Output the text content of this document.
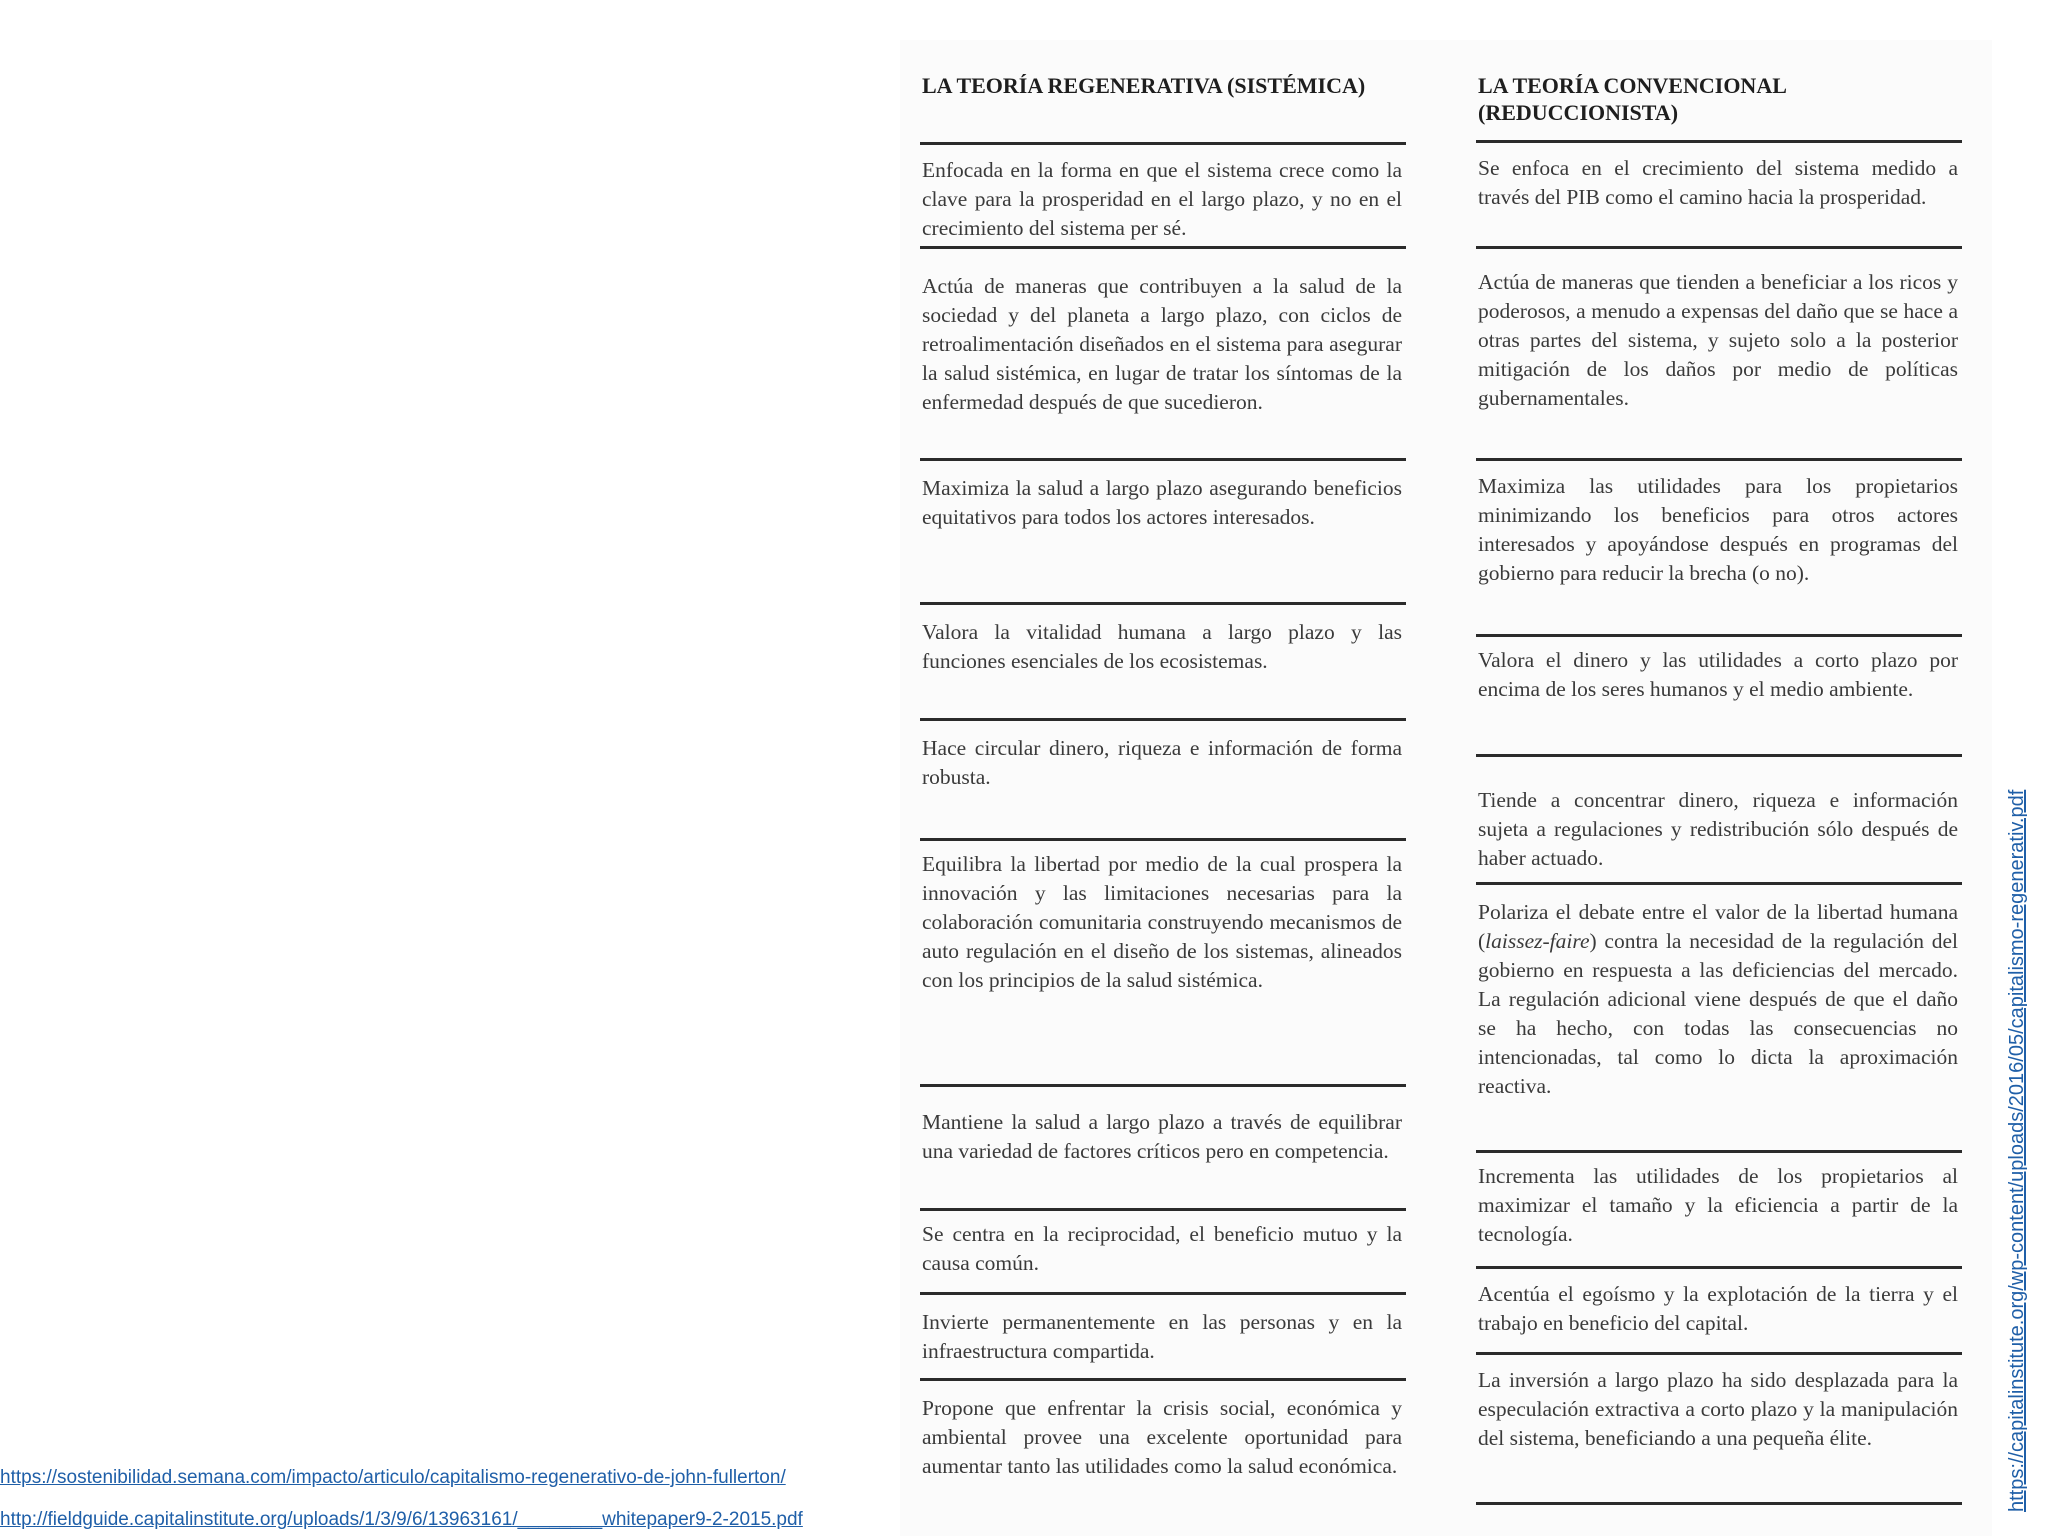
LA TEORÍA REGENERATIVA (SISTÉMICA)
Enfocada en la forma en que el sistema crece como la clave para la prosperidad en el largo plazo, y no en el crecimiento del sistema per sé.
Actúa de maneras que contribuyen a la salud de la sociedad y del planeta a largo plazo, con ciclos de retroalimentación diseñados en el sistema para asegurar la salud sistémica, en lugar de tratar los síntomas de la enfermedad después de que sucedieron.
Maximiza la salud a largo plazo asegurando beneficios equitativos para todos los actores interesados.
Valora la vitalidad humana a largo plazo y las funciones esenciales de los ecosistemas.
Hace circular dinero, riqueza e información de forma robusta.
Equilibra la libertad por medio de la cual prospera la innovación y las limitaciones necesarias para la colaboración comunitaria construyendo mecanismos de auto regulación en el diseño de los sistemas, alineados con los principios de la salud sistémica.
Mantiene la salud a largo plazo a través de equilibrar una variedad de factores críticos pero en competencia.
Se centra en la reciprocidad, el beneficio mutuo y la causa común.
Invierte permanentemente en las personas y en la infraestructura compartida.
Propone que enfrentar la crisis social, económica y ambiental provee una excelente oportunidad para aumentar tanto las utilidades como la salud económica.
LA TEORÍA CONVENCIONAL (REDUCCIONISTA)
Se enfoca en el crecimiento del sistema medido a través del PIB como el camino hacia la prosperidad.
Actúa de maneras que tienden a beneficiar a los ricos y poderosos, a menudo a expensas del daño que se hace a otras partes del sistema, y sujeto solo a la posterior mitigación de los daños por medio de políticas gubernamentales.
Maximiza las utilidades para los propietarios minimizando los beneficios para otros actores interesados y apoyándose después en programas del gobierno para reducir la brecha (o no).
Valora el dinero y las utilidades a corto plazo por encima de los seres humanos y el medio ambiente.
Tiende a concentrar dinero, riqueza e información sujeta a regulaciones y redistribución sólo después de haber actuado.
Polariza el debate entre el valor de la libertad humana (laissez-faire) contra la necesidad de la regulación del gobierno en respuesta a las deficiencias del mercado. La regulación adicional viene después de que el daño se ha hecho, con todas las consecuencias no intencionadas, tal como lo dicta la aproximación reactiva.
Incrementa las utilidades de los propietarios al maximizar el tamaño y la eficiencia a partir de la tecnología.
Acentúa el egoísmo y la explotación de la tierra y el trabajo en beneficio del capital.
La inversión a largo plazo ha sido desplazada para la especulación extractiva a corto plazo y la manipulación del sistema, beneficiando a una pequeña élite.
https://sostenibilidad.semana.com/impacto/articulo/capitalismo-regenerativo-de-john-fullerton/
http://fieldguide.capitalinstitute.org/uploads/1/3/9/6/13963161/________whitepaper9-2-2015.pdf
https://capitalinstitute.org/wp-content/uploads/2016/05/capitalismo-regenerativ.pdf
